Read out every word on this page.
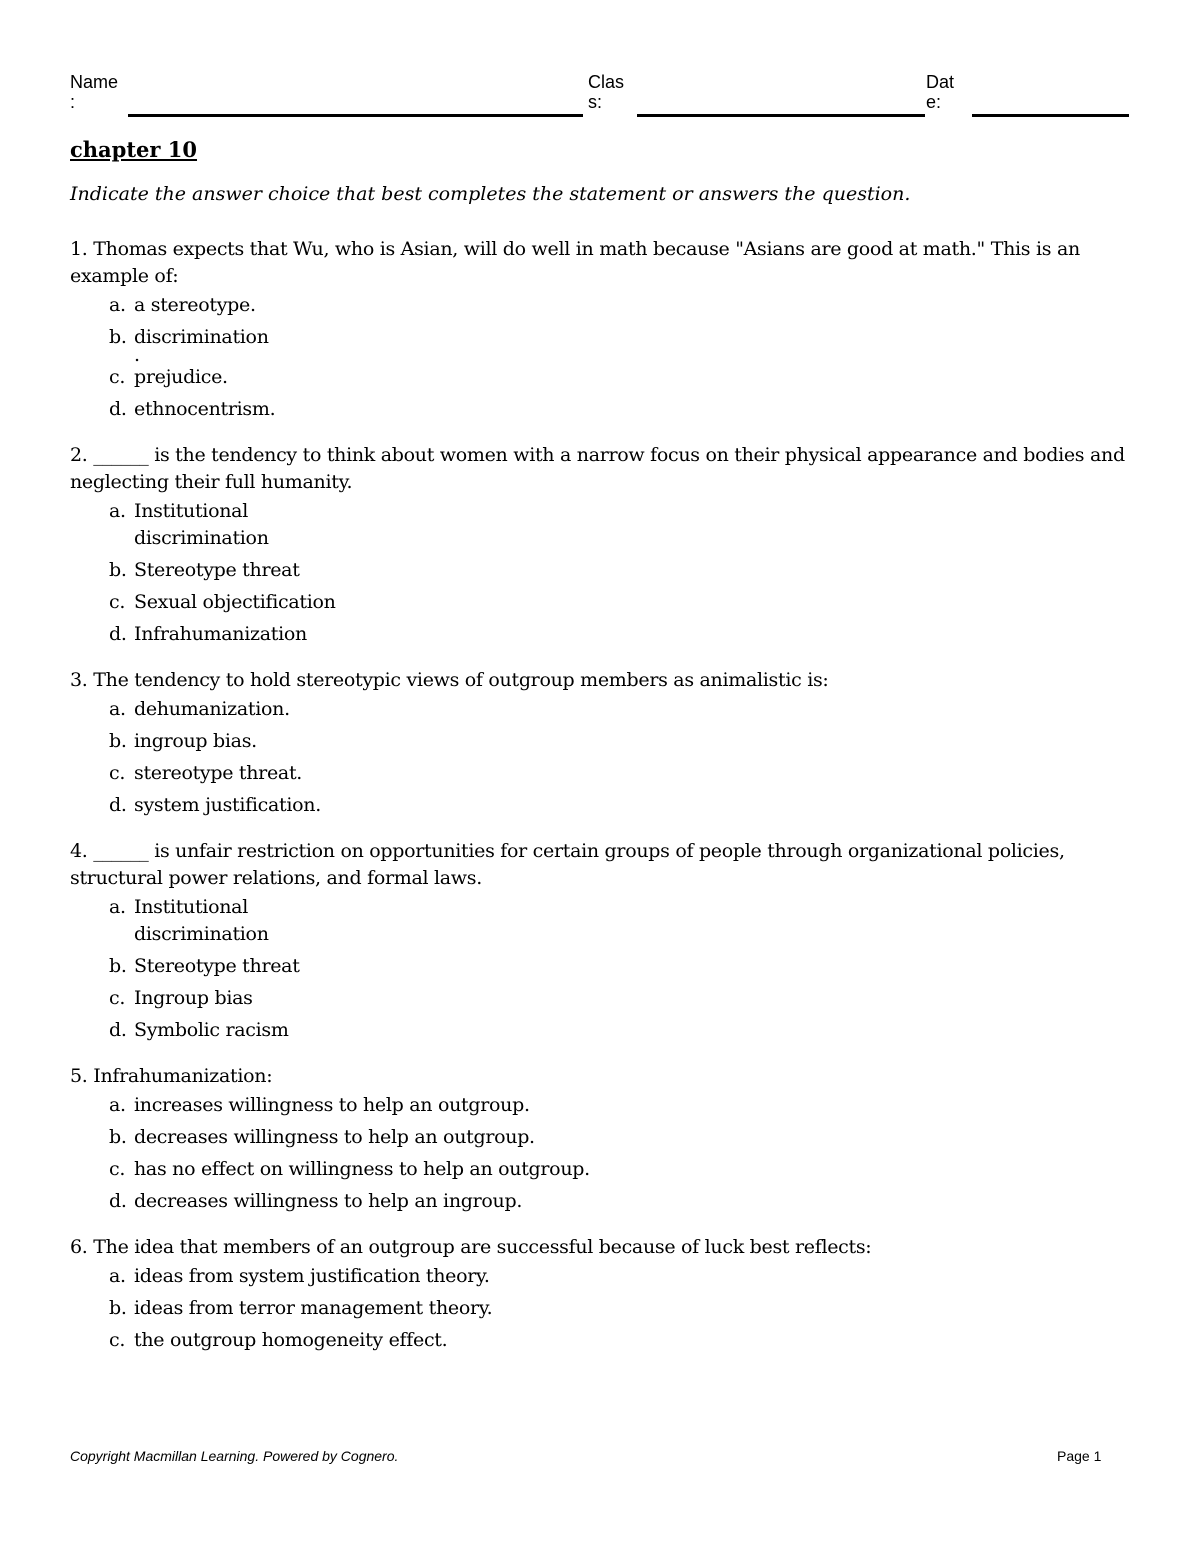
Name
:
Clas
s:
Dat
e:
chapter 10

Indicate the answer choice that best completes the statement or answers the question.

1. Thomas expects that Wu, who is Asian, will do well in math because "Asians are good at math." This is an example of:
a. a stereotype.
b. discrimination
.
c. prejudice.
d. ethnocentrism.
2. ______ is the tendency to think about women with a narrow focus on their physical appearance and bodies and neglecting their full humanity.
a. Institutional discrimination
b. Stereotype threat
c. Sexual objectification
d. Infrahumanization
3. The tendency to hold stereotypic views of outgroup members as animalistic is:
a. dehumanization.
b. ingroup bias.
c. stereotype threat.
d. system justification.
4. ______ is unfair restriction on opportunities for certain groups of people through organizational policies, structural power relations, and formal laws.
a. Institutional discrimination
b. Stereotype threat
c. Ingroup bias
d. Symbolic racism
5. Infrahumanization:
a. increases willingness to help an outgroup.
b. decreases willingness to help an outgroup.
c. has no effect on willingness to help an outgroup.
d. decreases willingness to help an ingroup.
6. The idea that members of an outgroup are successful because of luck best reflects:
a. ideas from system justification theory.
b. ideas from terror management theory.
c. the outgroup homogeneity effect.
Copyright Macmillan Learning. Powered by Cognero.	Page 1
